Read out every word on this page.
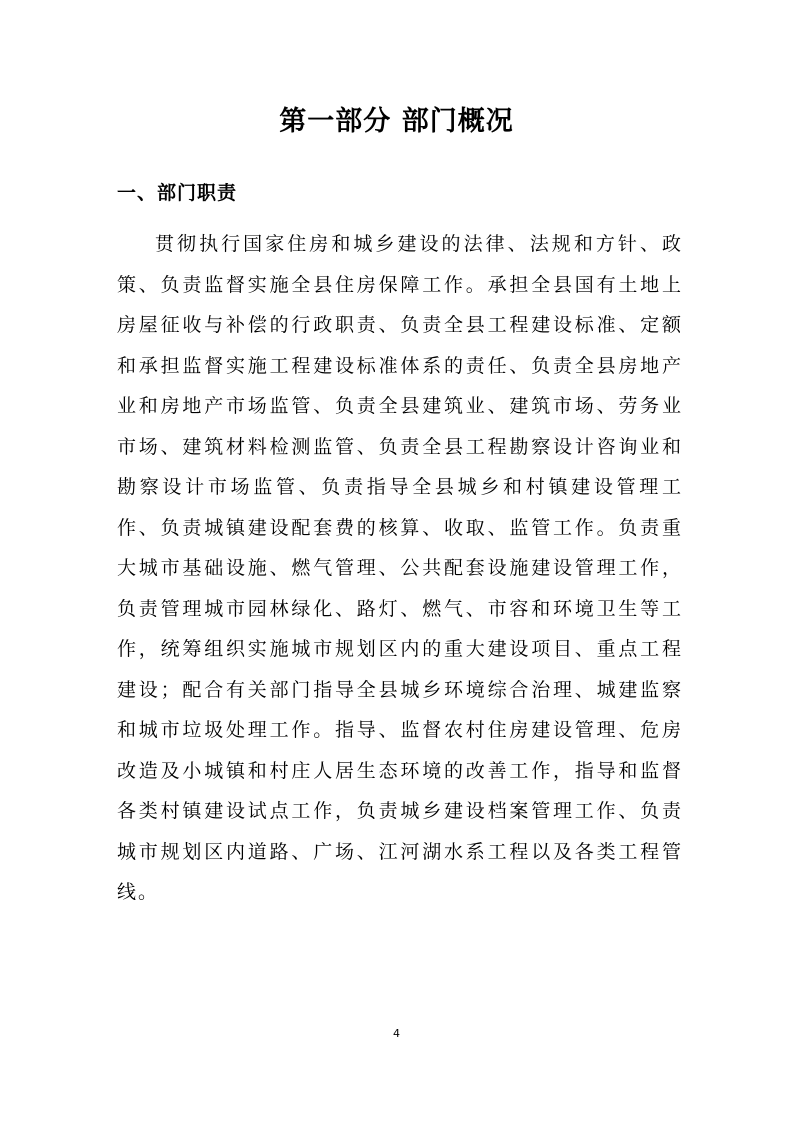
第一部分 部门概况
一、部门职责

贯彻执行国家住房和城乡建设的法律、法规和方针、政策、负责监督实施全县住房保障工作。承担全县国有土地上房屋征收与补偿的行政职责、负责全县工程建设标准、定额和承担监督实施工程建设标准体系的责任、负责全县房地产业和房地产市场监管、负责全县建筑业、建筑市场、劳务业市场、建筑材料检测监管、负责全县工程勘察设计咨询业和勘察设计市场监管、负责指导全县城乡和村镇建设管理工作、负责城镇建设配套费的核算、收取、监管工作。负责重大城市基础设施、燃气管理、公共配套设施建设管理工作，负责管理城市园林绿化、路灯、燃气、市容和环境卫生等工作，统筹组织实施城市规划区内的重大建设项目、重点工程建设；配合有关部门指导全县城乡环境综合治理、城建监察和城市垃圾处理工作。指导、监督农村住房建设管理、危房改造及小城镇和村庄人居生态环境的改善工作，指导和监督各类村镇建设试点工作，负责城乡建设档案管理工作、负责城市规划区内道路、广场、江河湖水系工程以及各类工程管线。

4
